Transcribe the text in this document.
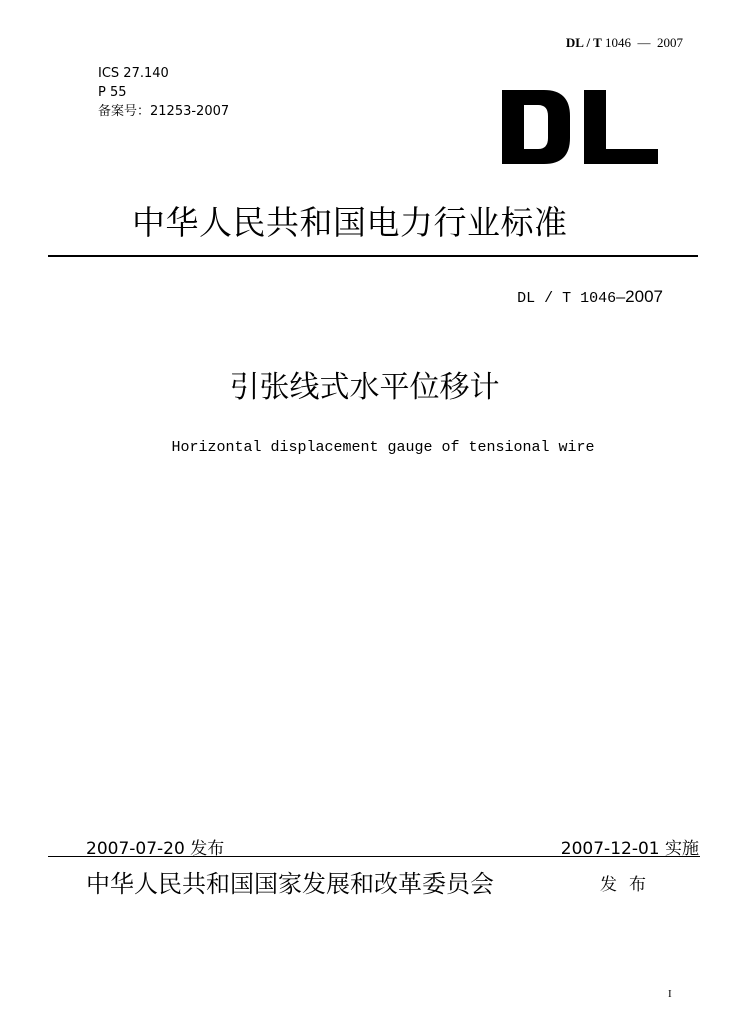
DL / T 1046 — 2007
ICS 27.140
P 55
备案号：21253-2007
中华人民共和国电力行业标准
DL / T 1046—2007
引张线式水平位移计
Horizontal displacement gauge of tensional wire
2007-07-20 发布	2007-12-01 实施
中华人民共和国国家发展和改革委员会	发布
I
